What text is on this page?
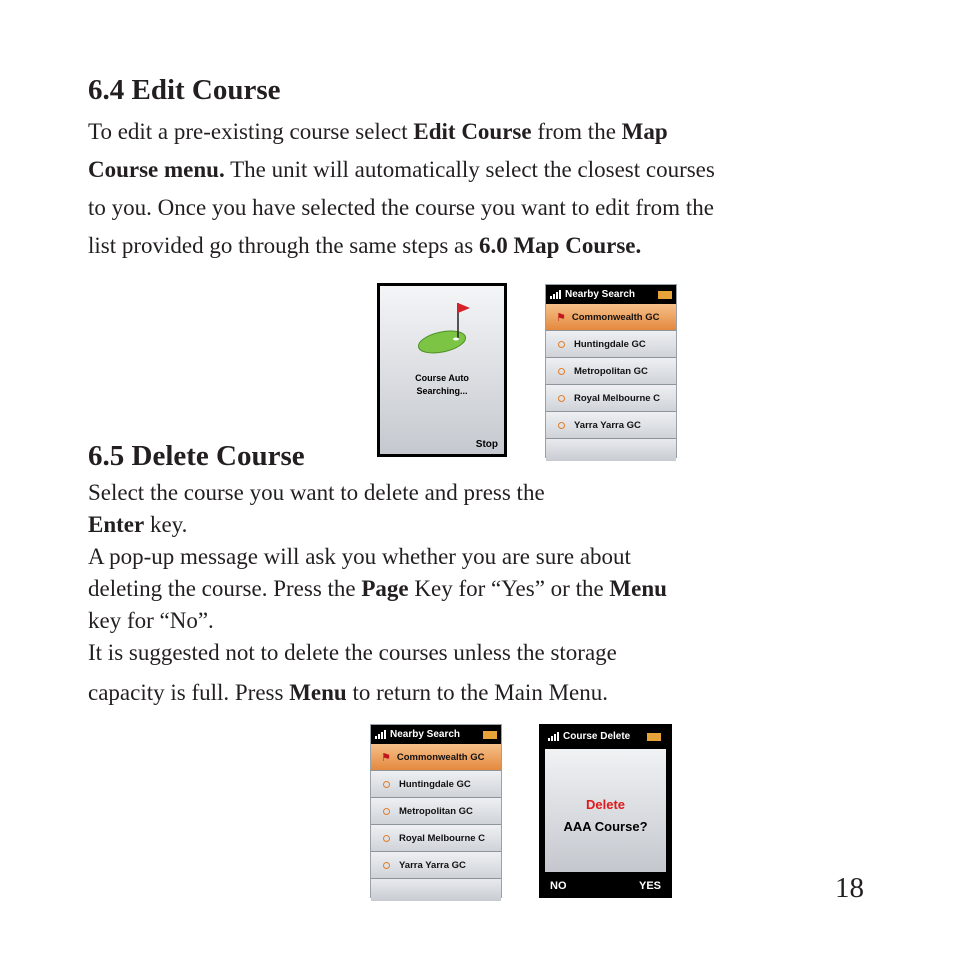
6.4 Edit Course
To edit a pre-existing course select Edit Course from the Map
Course menu. The unit will automatically select the closest courses
to you. Once you have selected the course you want to edit from the
list provided go through the same steps as 6.0 Map Course.
Course Auto
Searching...
Stop
Nearby Search
⚑ Commonwealth GC
Huntingdale GC
Metropolitan GC
Royal Melbourne C
Yarra Yarra GC
6.5 Delete Course
Select the course you want to delete and press the
Enter key.
A pop-up message will ask you whether you are sure about
deleting the course. Press the Page Key for “Yes” or the Menu
key for “No”.
It is suggested not to delete the courses unless the storage
capacity is full. Press Menu to return to the Main Menu.
Nearby Search
⚑ Commonwealth GC
Huntingdale GC
Metropolitan GC
Royal Melbourne C
Yarra Yarra GC
Course Delete
Delete
AAA Course?
NO	YES	18
